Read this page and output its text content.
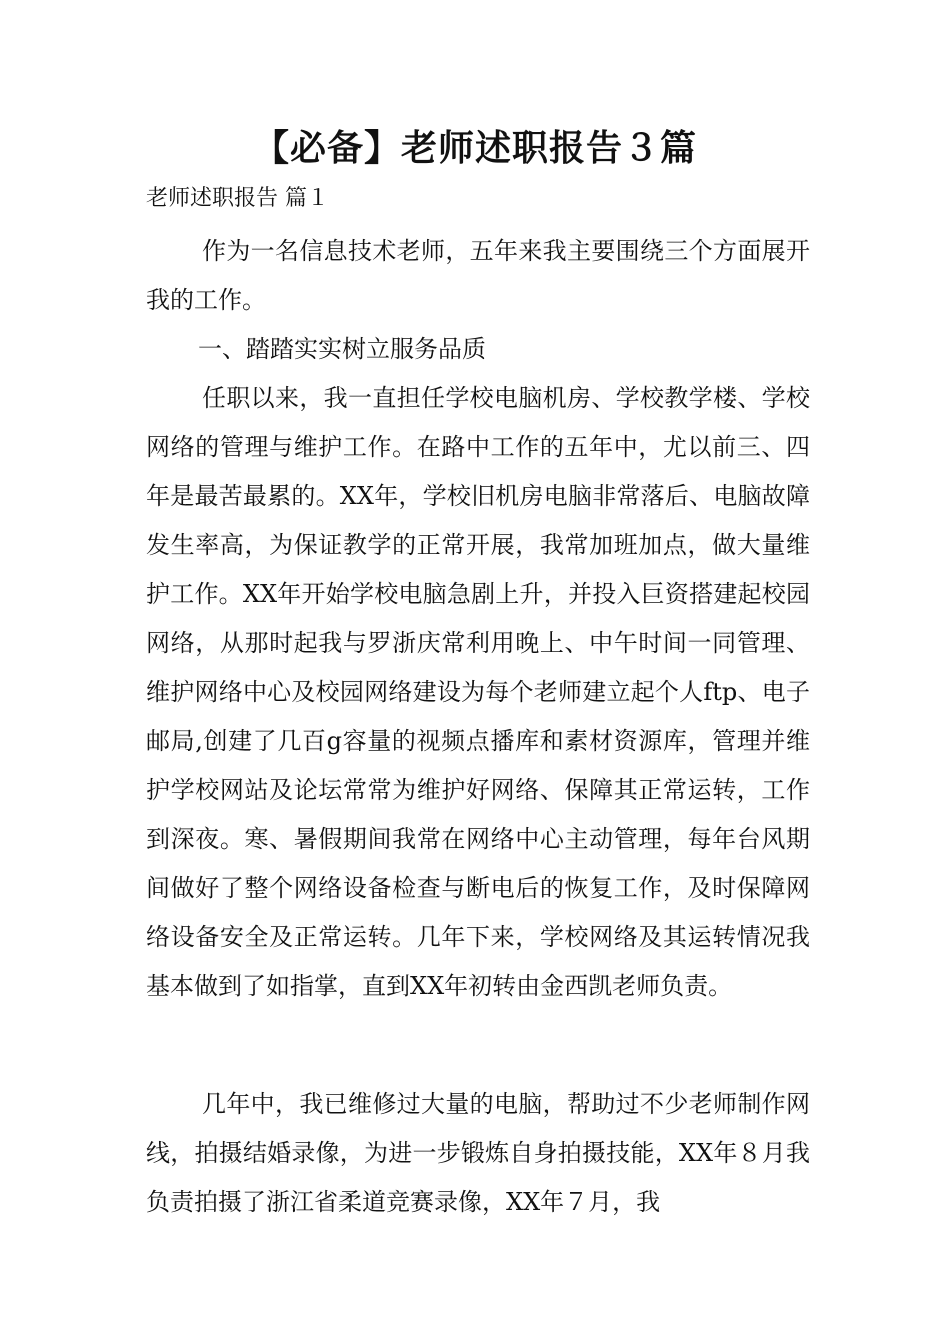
【必备】老师述职报告３篇
老师述职报告 篇１

作为一名信息技术老师，五年来我主要围绕三个方面展开我的工作。

一、踏踏实实树立服务品质

任职以来，我一直担任学校电脑机房、学校教学楼、学校网络的管理与维护工作。在路中工作的五年中，尤以前三、四年是最苦最累的。XX年，学校旧机房电脑非常落后、电脑故障发生率高，为保证教学的正常开展，我常加班加点，做大量维护工作。XX年开始学校电脑急剧上升，并投入巨资搭建起校园网络，从那时起我与罗浙庆常利用晚上、中午时间一同管理、维护网络中心及校园网络建设为每个老师建立起个人ftp、电子邮局,创建了几百g容量的视频点播库和素材资源库，管理并维护学校网站及论坛常常为维护好网络、保障其正常运转，工作到深夜。寒、暑假期间我常在网络中心主动管理，每年台风期间做好了整个网络设备检查与断电后的恢复工作，及时保障网络设备安全及正常运转。几年下来，学校网络及其运转情况我基本做到了如指掌，直到XX年初转由金西凯老师负责。

几年中，我已维修过大量的电脑，帮助过不少老师制作网线，拍摄结婚录像，为进一步锻炼自身拍摄技能，XX年８月我负责拍摄了浙江省柔道竞赛录像，XX年７月，我
